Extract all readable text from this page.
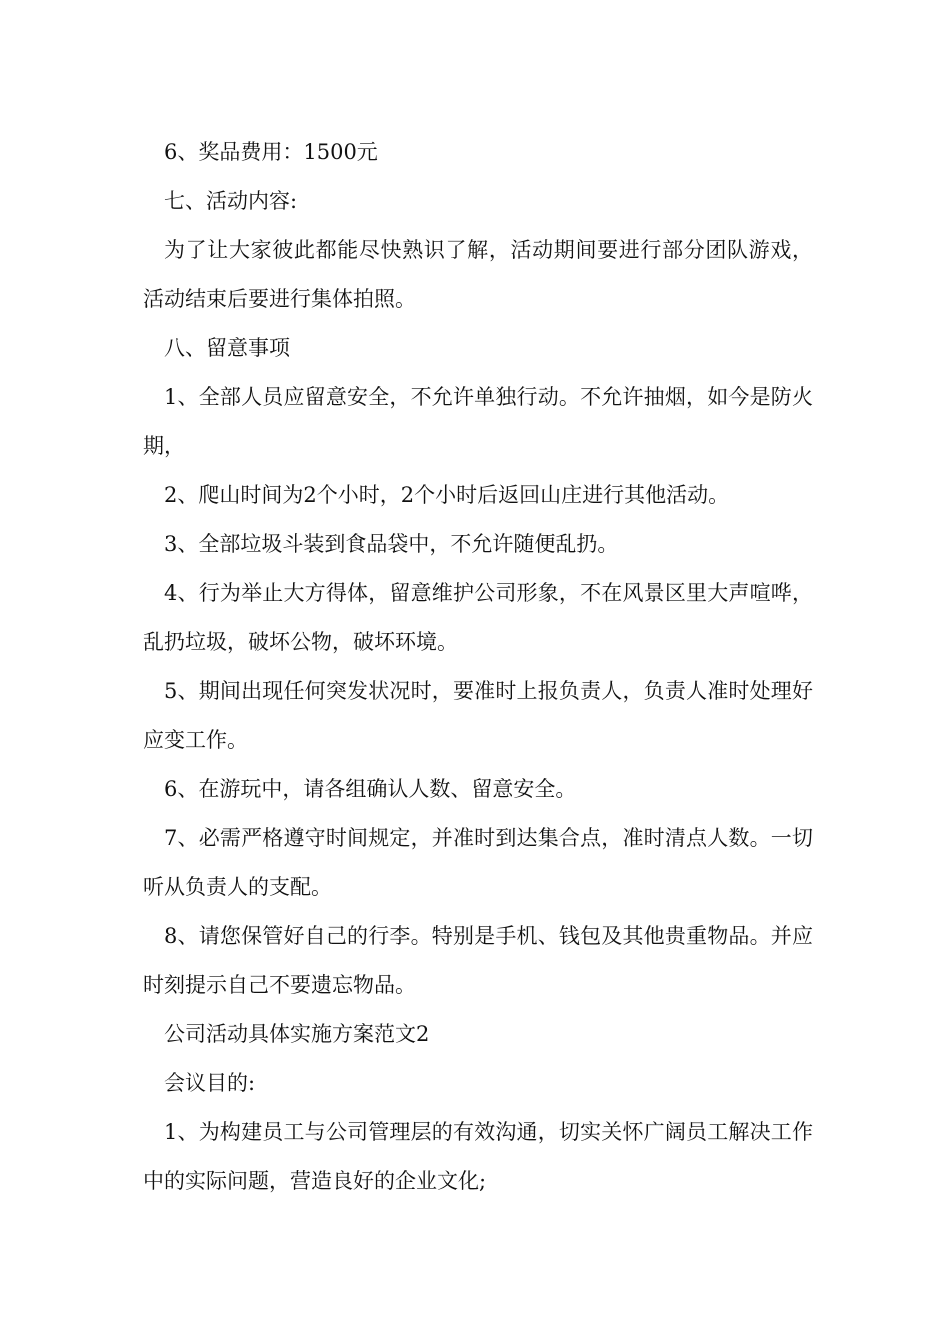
6、奖品费用：1500元

七、活动内容:

为了让大家彼此都能尽快熟识了解，活动期间要进行部分团队游戏，活动结束后要进行集体拍照。

八、留意事项

1、全部人员应留意安全，不允许单独行动。不允许抽烟，如今是防火期，

2、爬山时间为2个小时，2个小时后返回山庄进行其他活动。

3、全部垃圾斗装到食品袋中，不允许随便乱扔。

4、行为举止大方得体，留意维护公司形象，不在风景区里大声喧哗，乱扔垃圾，破坏公物，破坏环境。

5、期间出现任何突发状况时，要准时上报负责人，负责人准时处理好应变工作。

6、在游玩中，请各组确认人数、留意安全。

7、必需严格遵守时间规定，并准时到达集合点，准时清点人数。一切听从负责人的支配。

8、请您保管好自己的行李。特别是手机、钱包及其他贵重物品。并应时刻提示自己不要遗忘物品。

公司活动具体实施方案范文2

会议目的:

1、为构建员工与公司管理层的有效沟通，切实关怀广阔员工解决工作中的实际问题，营造良好的企业文化;
